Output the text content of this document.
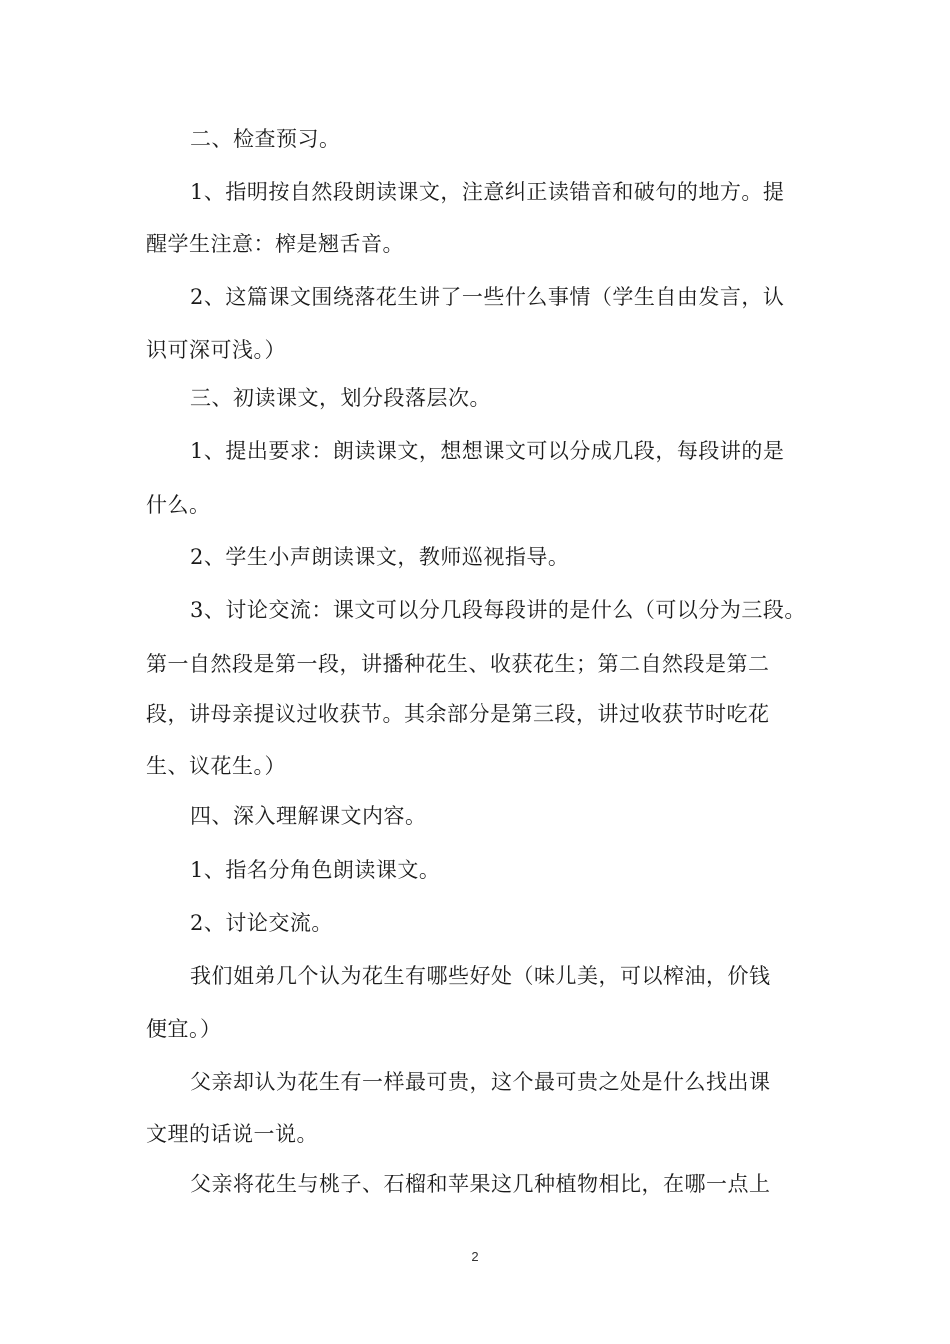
二、检查预习。
1、指明按自然段朗读课文，注意纠正读错音和破句的地方。提
醒学生注意：榨是翘舌音。
2、这篇课文围绕落花生讲了一些什么事情（学生自由发言，认
识可深可浅。）
三、初读课文，划分段落层次。
1、提出要求：朗读课文，想想课文可以分成几段，每段讲的是
什么。
2、学生小声朗读课文，教师巡视指导。
3、讨论交流：课文可以分几段每段讲的是什么（可以分为三段。
第一自然段是第一段，讲播种花生、收获花生；第二自然段是第二
段，讲母亲提议过收获节。其余部分是第三段，讲过收获节时吃花
生、议花生。）
四、深入理解课文内容。
1、指名分角色朗读课文。
2、讨论交流。
我们姐弟几个认为花生有哪些好处（味儿美，可以榨油，价钱
便宜。）
父亲却认为花生有一样最可贵，这个最可贵之处是什么找出课
文理的话说一说。
父亲将花生与桃子、石榴和苹果这几种植物相比，在哪一点上
2
